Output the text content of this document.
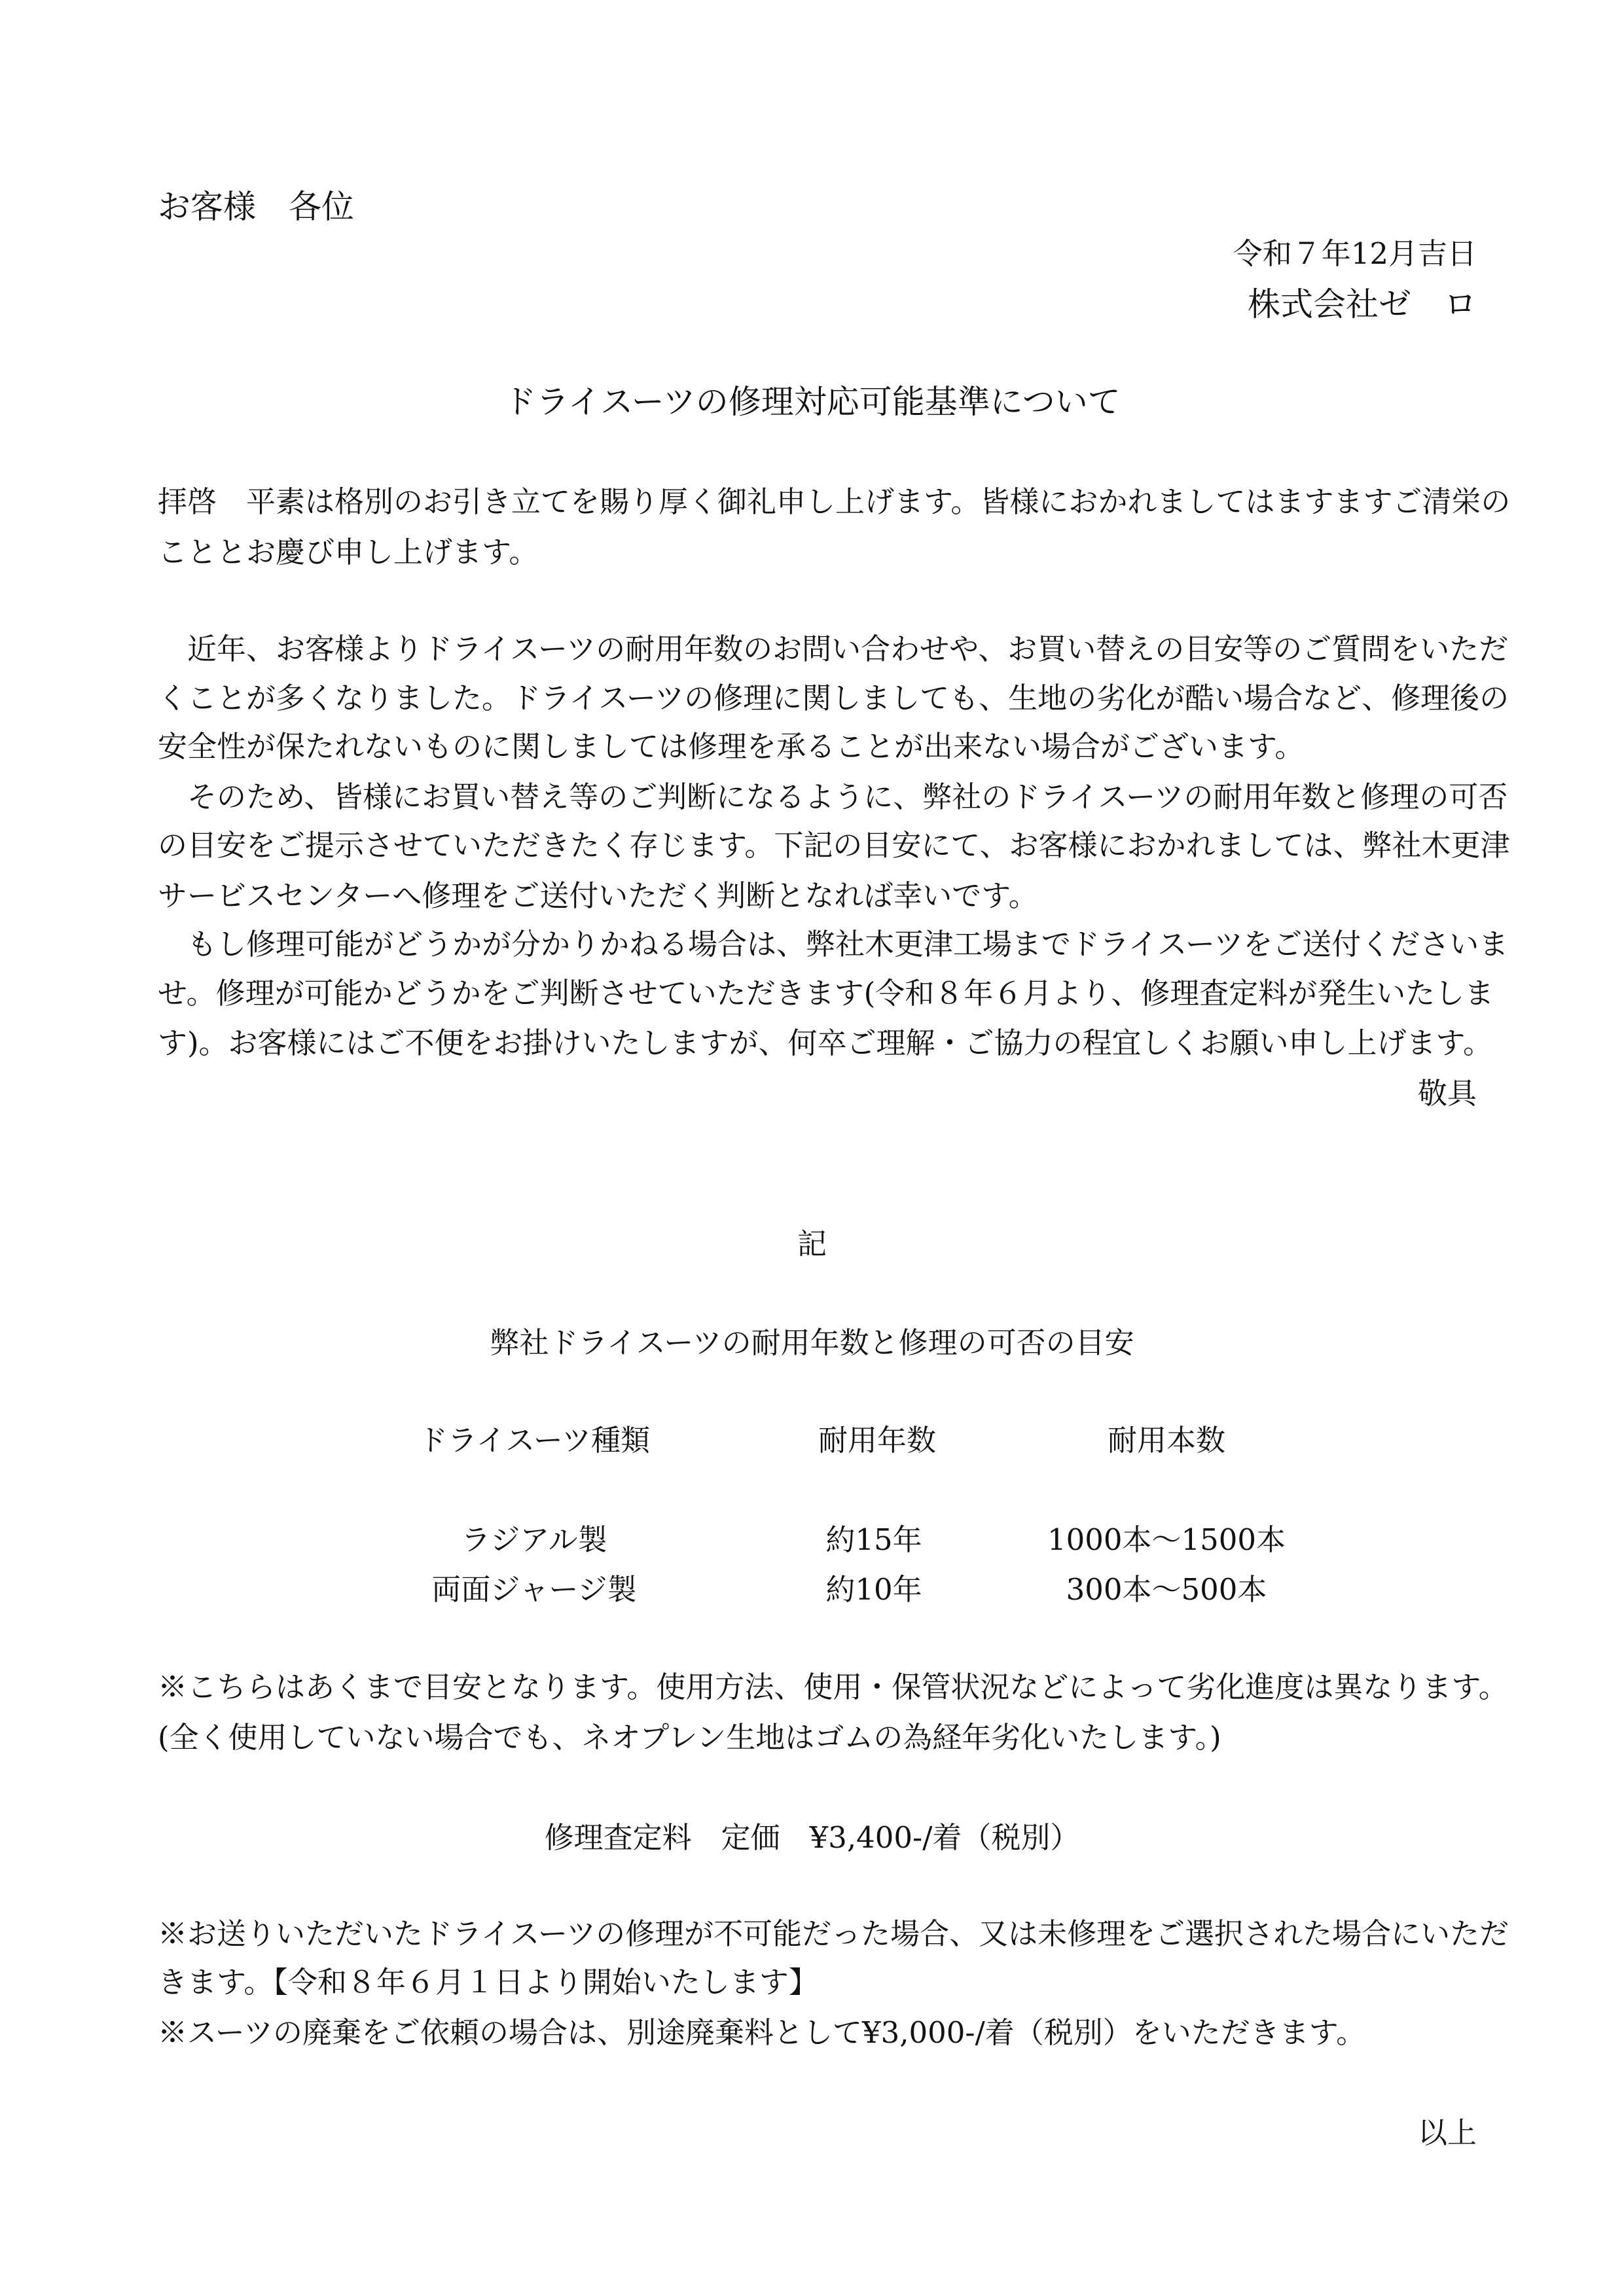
お客様　各位
令和７年12月吉日
株式会社ゼ　ロ
ドライスーツの修理対応可能基準について
拝啓　平素は格別のお引き立てを賜り厚く御礼申し上げます。皆様におかれましてはますますご清栄の
こととお慶び申し上げます。
　近年、お客様よりドライスーツの耐用年数のお問い合わせや、お買い替えの目安等のご質問をいただ
くことが多くなりました。ドライスーツの修理に関しましても、生地の劣化が酷い場合など、修理後の
安全性が保たれないものに関しましては修理を承ることが出来ない場合がございます。
　そのため、皆様にお買い替え等のご判断になるように、弊社のドライスーツの耐用年数と修理の可否
の目安をご提示させていただきたく存じます。下記の目安にて、お客様におかれましては、弊社木更津
サービスセンターへ修理をご送付いただく判断となれば幸いです。
　もし修理可能がどうかが分かりかねる場合は、弊社木更津工場までドライスーツをご送付くださいま
せ。修理が可能かどうかをご判断させていただきます(令和８年６月より、修理査定料が発生いたしま
す)。お客様にはご不便をお掛けいたしますが、何卒ご理解・ご協力の程宜しくお願い申し上げます。
敬具
記
弊社ドライスーツの耐用年数と修理の可否の目安
ドライスーツ種類	耐用年数	耐用本数
ラジアル製	約15年	1000本～1500本
両面ジャージ製	約10年	300本～500本
※こちらはあくまで目安となります。使用方法、使用・保管状況などによって劣化進度は異なります。
(全く使用していない場合でも、ネオプレン生地はゴムの為経年劣化いたします。)
修理査定料　定価　¥3,400-/着（税別）
※お送りいただいたドライスーツの修理が不可能だった場合、又は未修理をご選択された場合にいただ
きます。【令和８年６月１日より開始いたします】
※スーツの廃棄をご依頼の場合は、別途廃棄料として¥3,000-/着（税別）をいただきます。
以上
